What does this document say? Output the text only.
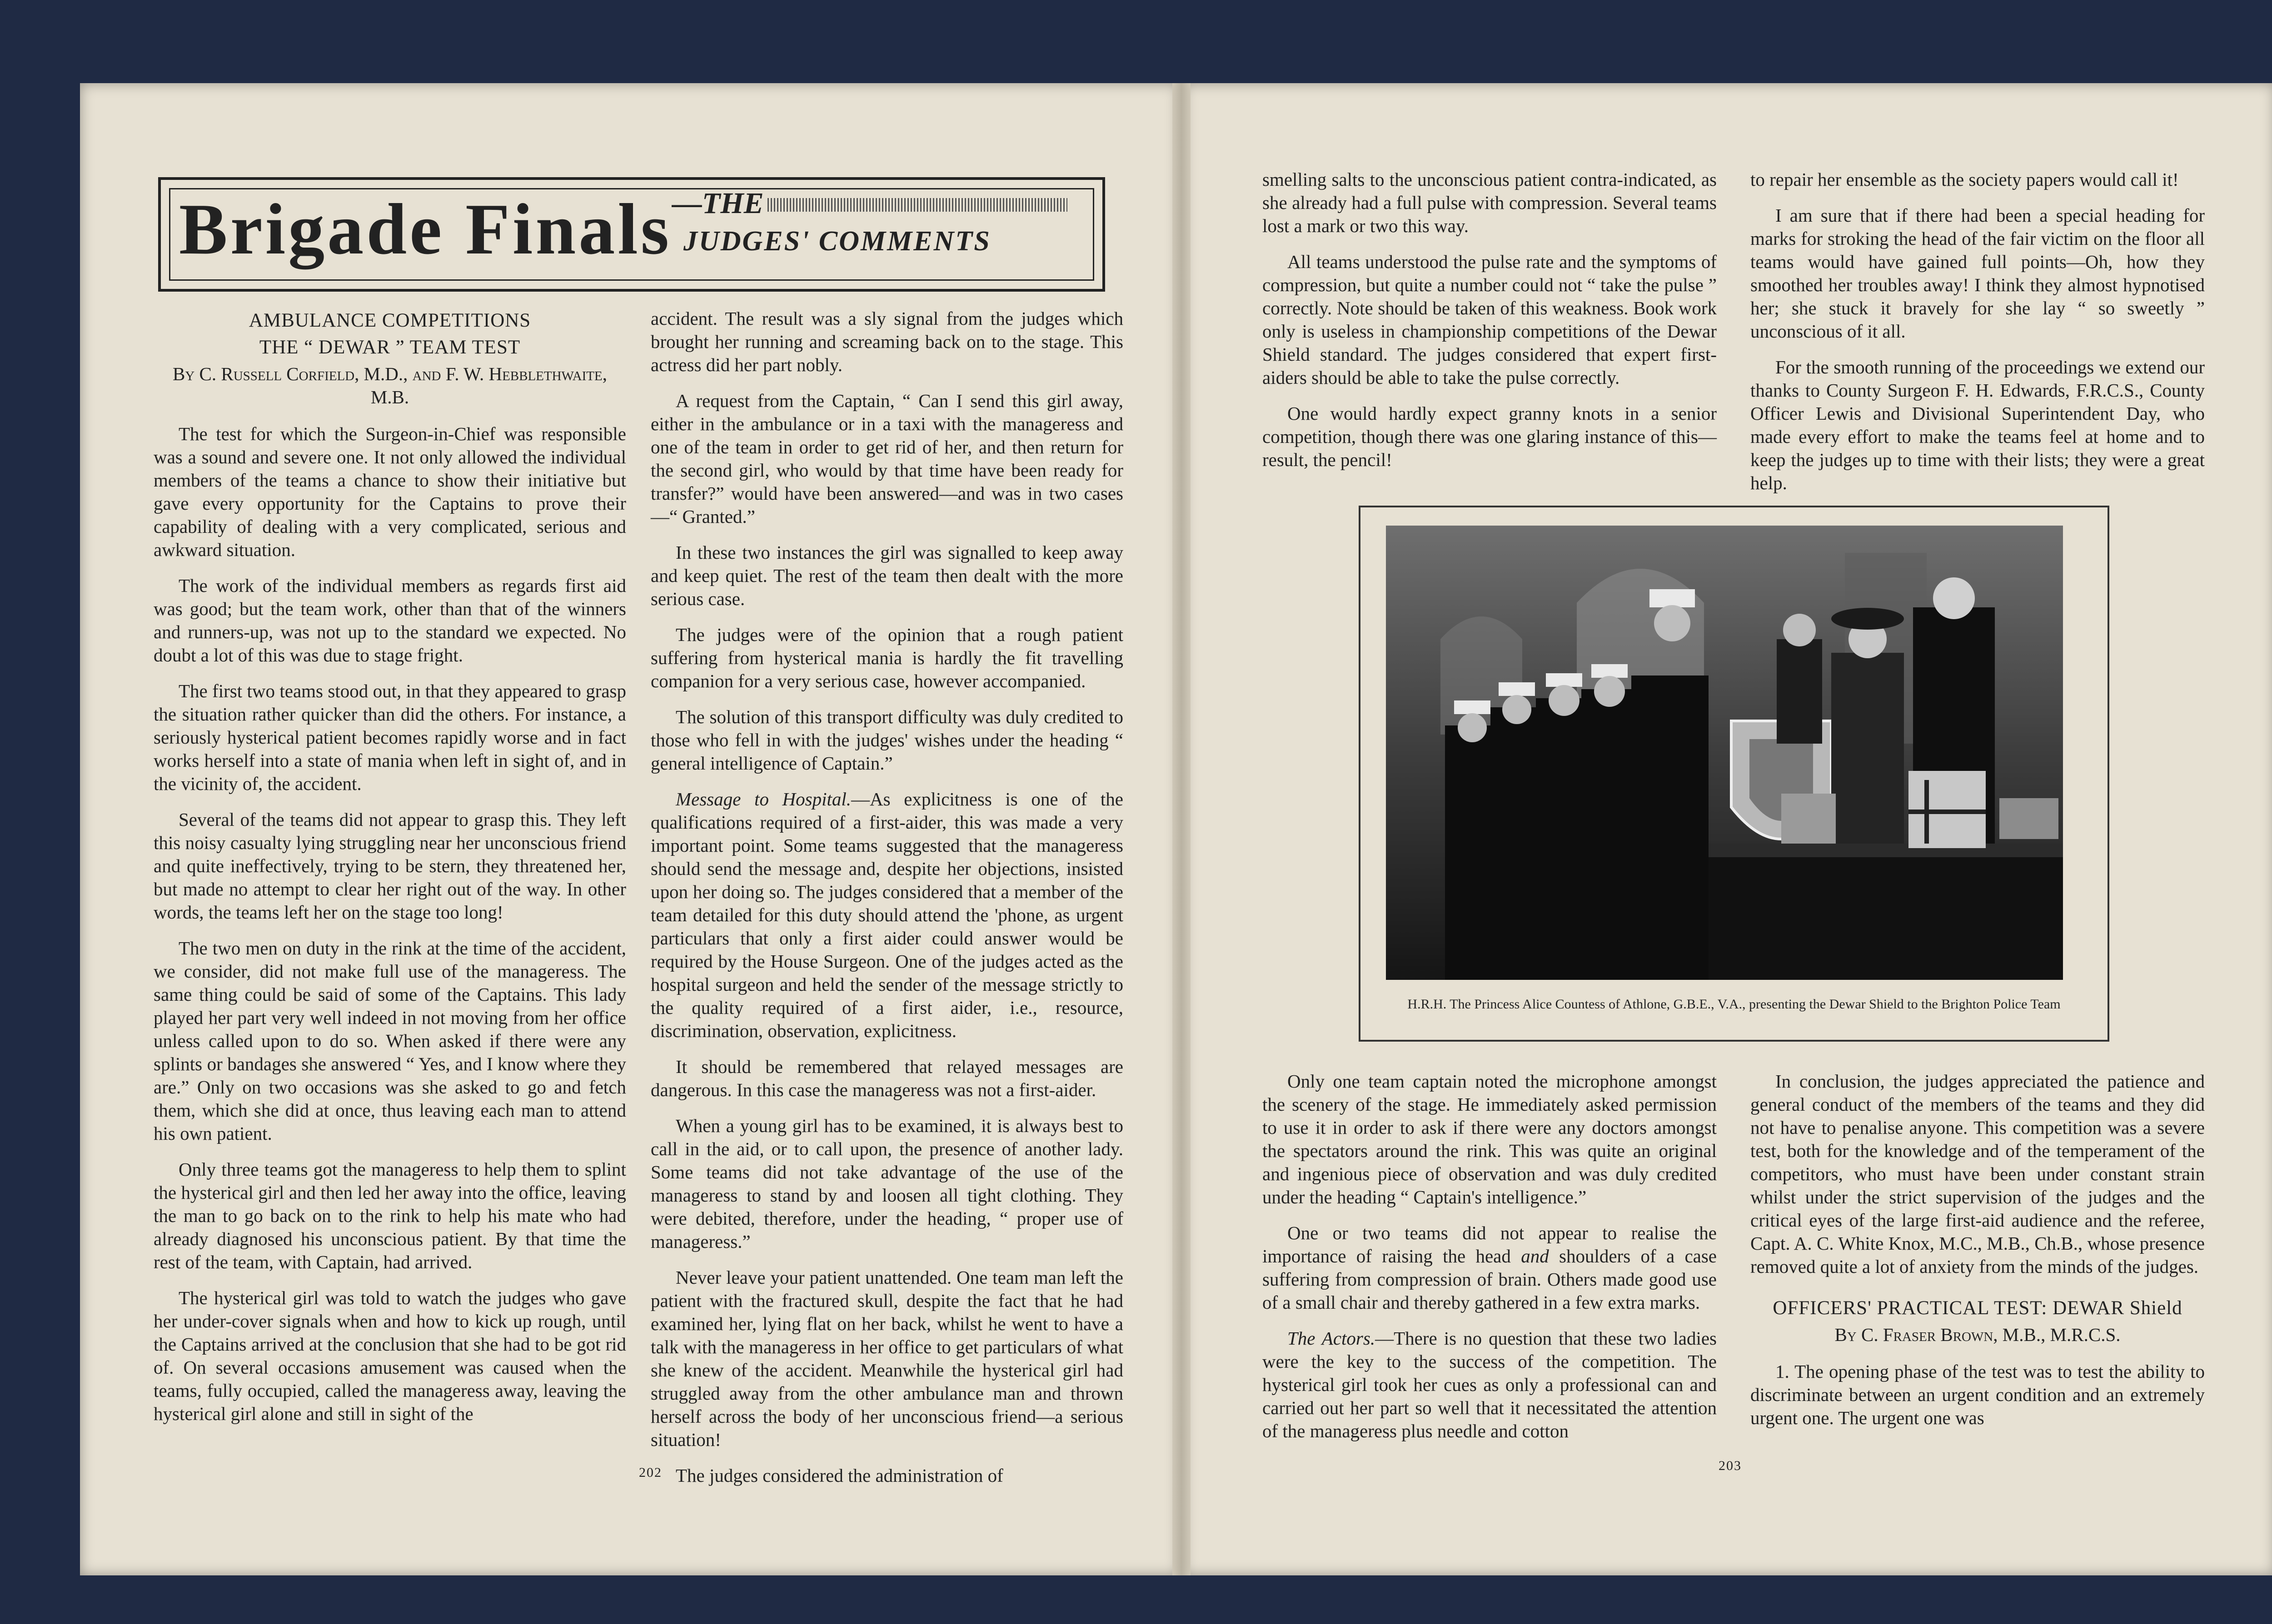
Brigade Finals —THE
JUDGES' COMMENTS

AMBULANCE COMPETITIONS

THE “ DEWAR ” TEAM TEST

By C. Russell Corfield, M.D., and F. W. Hebblethwaite, M.B.

The test for which the Surgeon-in-Chief was responsible was a sound and severe one. It not only allowed the individual members of the teams a chance to show their initiative but gave every opportunity for the Captains to prove their capability of dealing with a very complicated, serious and awkward situation.

The work of the individual members as regards first aid was good; but the team work, other than that of the winners and runners-up, was not up to the standard we expected. No doubt a lot of this was due to stage fright.

The first two teams stood out, in that they appeared to grasp the situation rather quicker than did the others. For instance, a seriously hysterical patient becomes rapidly worse and in fact works herself into a state of mania when left in sight of, and in the vicinity of, the accident.

Several of the teams did not appear to grasp this. They left this noisy casualty lying struggling near her unconscious friend and quite ineffectively, trying to be stern, they threatened her, but made no attempt to clear her right out of the way. In other words, the teams left her on the stage too long!

The two men on duty in the rink at the time of the accident, we consider, did not make full use of the manageress. The same thing could be said of some of the Captains. This lady played her part very well indeed in not moving from her office unless called upon to do so. When asked if there were any splints or bandages she answered “ Yes, and I know where they are.” Only on two occasions was she asked to go and fetch them, which she did at once, thus leaving each man to attend his own patient.

Only three teams got the manageress to help them to splint the hysterical girl and then led her away into the office, leaving the man to go back on to the rink to help his mate who had already diagnosed his unconscious patient. By that time the rest of the team, with Captain, had arrived.

The hysterical girl was told to watch the judges who gave her under-cover signals when and how to kick up rough, until the Captains arrived at the conclusion that she had to be got rid of. On several occasions amusement was caused when the teams, fully occupied, called the manageress away, leaving the hysterical girl alone and still in sight of the

accident. The result was a sly signal from the judges which brought her running and screaming back on to the stage. This actress did her part nobly.

A request from the Captain, “ Can I send this girl away, either in the ambulance or in a taxi with the manageress and one of the team in order to get rid of her, and then return for the second girl, who would by that time have been ready for transfer?” would have been answered—and was in two cases—“ Granted.”

In these two instances the girl was signalled to keep away and keep quiet. The rest of the team then dealt with the more serious case.

The judges were of the opinion that a rough patient suffering from hysterical mania is hardly the fit travelling companion for a very serious case, however accompanied.

The solution of this transport difficulty was duly credited to those who fell in with the judges' wishes under the heading “ general intelligence of Captain.”

Message to Hospital.—As explicitness is one of the qualifications required of a first-aider, this was made a very important point. Some teams suggested that the manageress should send the message and, despite her objections, insisted upon her doing so. The judges considered that a member of the team detailed for this duty should attend the 'phone, as urgent particulars that only a first aider could answer would be required by the House Surgeon. One of the judges acted as the hospital surgeon and held the sender of the message strictly to the quality required of a first aider, i.e., resource, discrimination, observation, explicitness.

It should be remembered that relayed messages are dangerous. In this case the manageress was not a first-aider.

When a young girl has to be examined, it is always best to call in the aid, or to call upon, the presence of another lady. Some teams did not take advantage of the use of the manageress to stand by and loosen all tight clothing. They were debited, therefore, under the heading, “ proper use of manageress.”

Never leave your patient unattended. One team man left the patient with the fractured skull, despite the fact that he had examined her, lying flat on her back, whilst he went to have a talk with the manageress in her office to get particulars of what she knew of the accident. Meanwhile the hysterical girl had struggled away from the other ambulance man and thrown herself across the body of her unconscious friend—a serious situation!

The judges considered the administration of

202

smelling salts to the unconscious patient contra-indicated, as she already had a full pulse with compression. Several teams lost a mark or two this way.

All teams understood the pulse rate and the symptoms of compression, but quite a number could not “ take the pulse ” correctly. Note should be taken of this weakness. Book work only is useless in championship competitions of the Dewar Shield standard. The judges considered that expert first-aiders should be able to take the pulse correctly.

One would hardly expect granny knots in a senior competition, though there was one glaring instance of this—result, the pencil!

to repair her ensemble as the society papers would call it!

I am sure that if there had been a special heading for marks for stroking the head of the fair victim on the floor all teams would have gained full points—Oh, how they smoothed her troubles away! I think they almost hypnotised her; she stuck it bravely for she lay “ so sweetly ” unconscious of it all.

For the smooth running of the proceedings we extend our thanks to County Surgeon F. H. Edwards, F.R.C.S., County Officer Lewis and Divisional Superintendent Day, who made every effort to make the teams feel at home and to keep the judges up to time with their lists; they were a great help.

H.R.H. The Princess Alice Countess of Athlone, G.B.E., V.A., presenting the Dewar Shield to the Brighton Police Team

Only one team captain noted the microphone amongst the scenery of the stage. He immediately asked permission to use it in order to ask if there were any doctors amongst the spectators around the rink. This was quite an original and ingenious piece of observation and was duly credited under the heading “ Captain's intelligence.”

One or two teams did not appear to realise the importance of raising the head and shoulders of a case suffering from compression of brain. Others made good use of a small chair and thereby gathered in a few extra marks.

The Actors.—There is no question that these two ladies were the key to the success of the competition. The hysterical girl took her cues as only a professional can and carried out her part so well that it necessitated the attention of the manageress plus needle and cotton

In conclusion, the judges appreciated the patience and general conduct of the members of the teams and they did not have to penalise anyone. This competition was a severe test, both for the knowledge and of the temperament of the competitors, who must have been under constant strain whilst under the strict supervision of the judges and the critical eyes of the large first-aid audience and the referee, Capt. A. C. White Knox, M.C., M.B., Ch.B., whose presence removed quite a lot of anxiety from the minds of the judges.

OFFICERS' PRACTICAL TEST: DEWAR Shield

By C. Fraser Brown, M.B., M.R.C.S.

1. The opening phase of the test was to test the ability to discriminate between an urgent condition and an extremely urgent one. The urgent one was

203
